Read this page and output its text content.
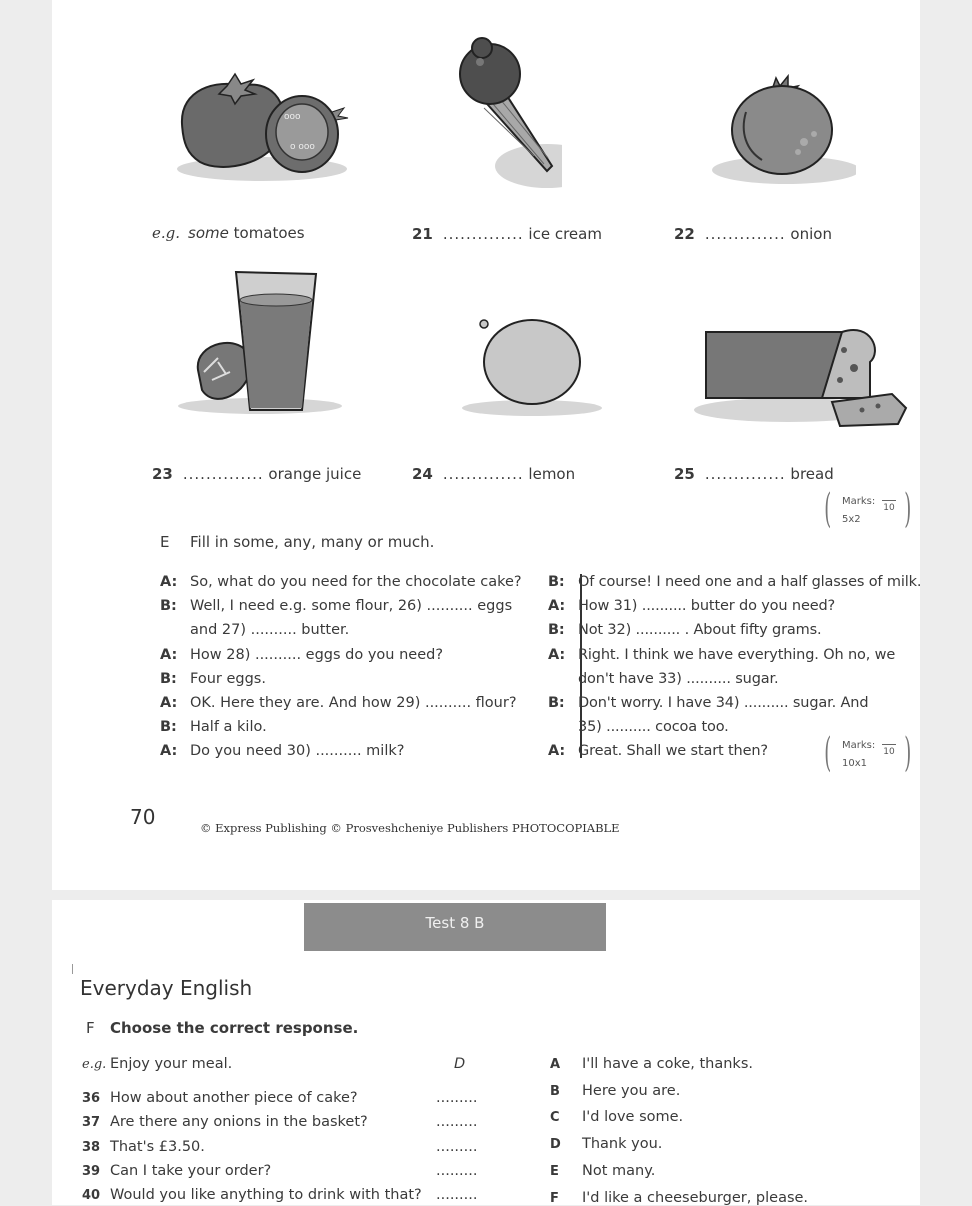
ooo
o ooo
e.g. some tomatoes	21 .............. ice cream	22 .............. onion
23 .............. orange juice	24 .............. lemon	25 .............. bread
( Marks:
5x2
10 )
E Fill in some, any, many or much.
A: So, what do you need for the chocolate cake?
B: Well, I need e.g. some flour, 26) .......... eggs
and 27) .......... butter.
A: How 28) .......... eggs do you need?
B: Four eggs.
A: OK. Here they are. And how 29) .......... flour?
B: Half a kilo.
A: Do you need 30) .......... milk?
B: Of course! I need one and a half glasses of milk.
A: How 31) .......... butter do you need?
B: Not 32) .......... . About fifty grams.
A: Right. I think we have everything. Oh no, we
don't have 33) .......... sugar.
B: Don't worry. I have 34) .......... sugar. And
35) .......... cocoa too.
A: Great. Shall we start then?	( Marks:
10x1
10 )
70	© Express Publishing © Prosveshcheniye Publishers PHOTOCOPIABLE
Test 8 B
Everyday English
F Choose the correct response.
e.g. Enjoy your meal.	D
36 How about another piece of cake?	.........
37 Are there any onions in the basket?	.........
38 That's £3.50.	.........
39 Can I take your order?	.........
40 Would you like anything to drink with that? .........
A I'll have a coke, thanks.
B Here you are.
C I'd love some.
D Thank you.
E Not many.
F I'd like a cheeseburger, please.
